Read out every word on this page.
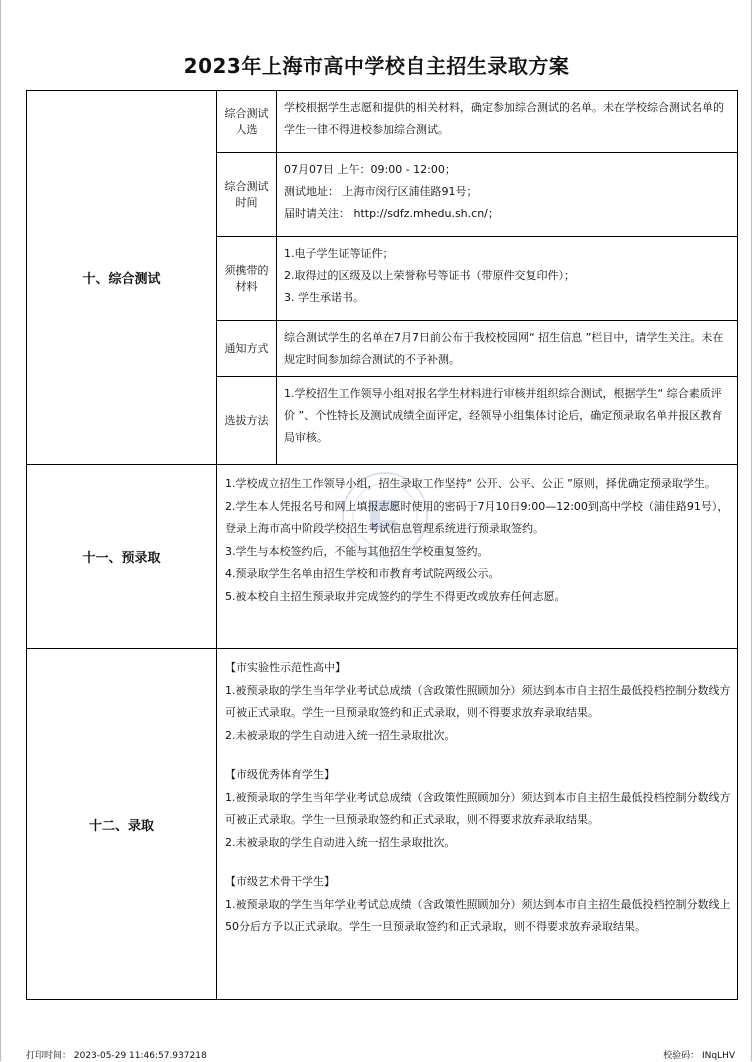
2023年上海市高中学校自主招生录取方案
十、综合测试
综合测试人选
学校根据学生志愿和提供的相关材料，确定参加综合测试的名单。未在学校综合测试名单的学生一律不得进校参加综合测试。
综合测试时间
07月07日 上午：09:00 - 12:00；
测试地址： 上海市闵行区浦佳路91号；
届时请关注： http://sdfz.mhedu.sh.cn/；
须携带的材料
1.电子学生证等证件；
2.取得过的区级及以上荣誉称号等证书（带原件交复印件）；
3. 学生承诺书。
通知方式
综合测试学生的名单在7月7日前公布于我校校园网“ 招生信息 ”栏目中，请学生关注。未在规定时间参加综合测试的不予补测。
选拔方法
1.学校招生工作领导小组对报名学生材料进行审核并组织综合测试，根据学生“ 综合素质评价 ”、个性特长及测试成绩全面评定，经领导小组集体讨论后，确定预录取名单并报区教育局审核。
十一、预录取
1.学校成立招生工作领导小组，招生录取工作坚持“ 公开、公平、公正 ”原则，择优确定预录取学生。
2.学生本人凭报名号和网上填报志愿时使用的密码于7月10日9:00—12:00到高中学校（浦佳路91号），登录上海市高中阶段学校招生考试信息管理系统进行预录取签约。
3.学生与本校签约后，不能与其他招生学校重复签约。
4.预录取学生名单由招生学校和市教育考试院两级公示。
5.被本校自主招生预录取并完成签约的学生不得更改或放弃任何志愿。
十二、录取
【市实验性示范性高中】
1.被预录取的学生当年学业考试总成绩（含政策性照顾加分）须达到本市自主招生最低投档控制分数线方可被正式录取。学生一旦预录取签约和正式录取，则不得要求放弃录取结果。
2.未被录取的学生自动进入统一招生录取批次。
【市级优秀体育学生】
1.被预录取的学生当年学业考试总成绩（含政策性照顾加分）须达到本市自主招生最低投档控制分数线方可被正式录取。学生一旦预录取签约和正式录取，则不得要求放弃录取结果。
2.未被录取的学生自动进入统一招生录取批次。
【市级艺术骨干学生】
1.被预录取的学生当年学业考试总成绩（含政策性照顾加分）须达到本市自主招生最低投档控制分数线上50分后方予以正式录取。学生一旦预录取签约和正式录取，则不得要求放弃录取结果。
打印时间： 2023-05-29 11:46:57.937218	校验码： INqLHV
